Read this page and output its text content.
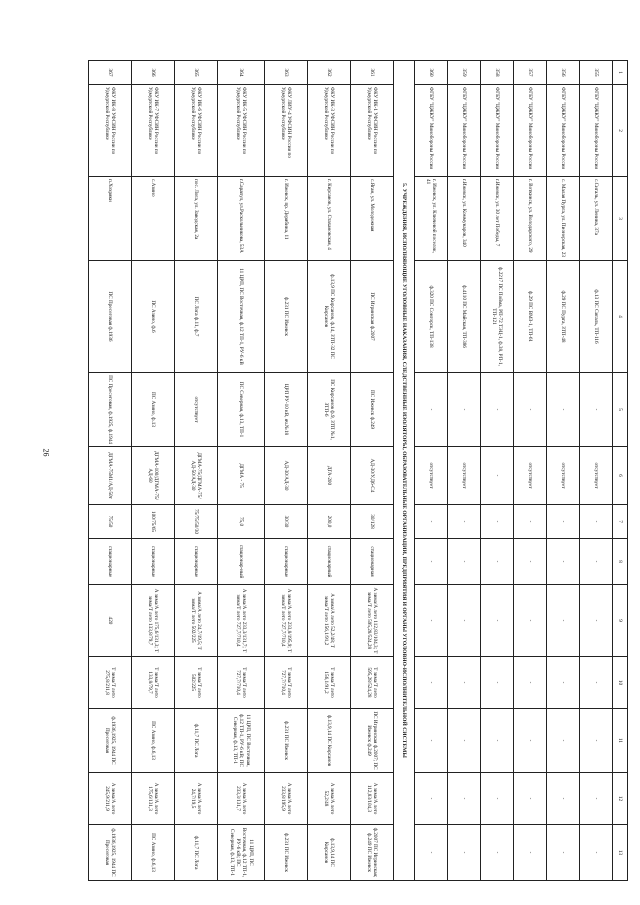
26
1	2	3	4	5	6	7	8	9	10	11	12	13
355	ФГБУ "ЦЖКУ" Минобороны России	с.Сигаль, ул. Ленина, 37а	ф.13 ПС Сигаль, ТП-116	-	отсутствует	-	-	-	-	-	-	-
356	ФГБУ "ЦЖКУ" Минобороны России	с. Малая Пурга, ул. Пионерская, 23	ф.29 ПС Пурга, ЗТП-48	-	отсутствует	-	-	-	-	-	-	-
357	ФГБУ "ЦЖКУ" Минобороны России	г. Воткинск, ул. Володарского, 29	ф.29 ПС ВМЗ-1, ТП-61	-	отсутствует	-	-	-	-	-	-	-
358	ФГБУ "ЦЖКУ" Минобороны России	г.Ижевск, ул. 30 лет Победы, 7	ф.2217 ПС Пойма, РП-72 ТЭЦ-1, ф.38, РП-1, ТП-121	-	-	-	-	-	-	-	-	-
359	ФГБУ "ЦЖКУ" Минобороны России	г.Ижевск, ул. Коммунаров, 340	ф.4110 ПС Майская, ТП-386	-	отсутствует	-	-	-	-	-	-	-
360	ФГБУ "ЦЖКУ" Минобороны России	г. Ижевск, ул. Ключевой поселок, 41	ф.320 ПС Сонгорск, ТП-138	-	отсутствует	-	-	-	-	-	-	-
5. УЧРЕЖДЕНИЯ, ИСПОЛНЯЮЩИЕ УГОЛОВНЫЕ НАКАЗАНИЯ, СЛЕДСТВЕННЫЕ ИЗОЛЯТОРЫ, ОБРАЗОВАТЕЛЬНЫЕ ОРГАНИЗАЦИИ, ПРЕДПРИЯТИЯ И ОРГАНЫ УГОЛОВНО-ИСПОЛНИТЕЛЬНОЙ СИСТЕМЫ												
361	ФКУ ИК-1 УФСИН России по Удмуртской Республике	с.Яган, ул. Молодежная	ПС Игринская ф.2007	ПС Ижевск ф.249	АД-30/У.Д6-С4	30/128	стационарная	А зима/А лето 112,83/104,3; Т зима/Т лето 595,28/524,28	Т зима/Т лето 595,28/524,28	ПС Игринская ф.2007; ПС Ижевск ф.249	А зима/А лето 112,83/104,3	ф.2007 ПС Игринская; ф.249 ПС Ижевск
362	ФКУ ИК-3 УФСИН России по Удмуртской Республике	г. Кирсанов, ул. Стахановская, 4	ф.13,9 ПС Кирсанов, ф.14, ЗТП-32 ПС Кирсанов	ПС Кирсанов ф.9, ЗТП №1, ЗТП-6	ДГА-200	200,0	стационарный	А зима/А лето 52,2/48; Т зима/Т лето 156,1/91,2	Т зима/Т лето 156,1/91,2	ф.13,9,14 ПС Кирсанов	А зима/А лето 52,2/48	ф.13,9,14 ПС Кирсанов
363	ФКУ ЛИУ-4 УФСИН России по Удмуртской Республике	г. Ижевск, пр. Дерябина, 11	ф.231 ПС Ижевск	ЦРП РУ-10 кВ, яч.№18	АД-30/АД-30	30/30	стационарные	А зима/А лето 233,8/195,9; Т зима/Т лето 727,7/710,4	Т зима/Т лето 727,7/710,4	ф.231 ПС Ижевск	А зима/А лето 233,8/195,9	ф.231 ПС Ижевск
364	ФКУ ИК-5 УФСИН России по Удмуртской Республике	г.Сарапул, ул.Раскольникова, 53А	11 ЦРП, ПС Восточная, ф.12 ТП-1, РУ-6 кВ	ПС Северная, ф.13, ТП-1	ДГМА - 75	75,0	стационар-ный	А зима/А лето 233,3/131,7; Т зима/Т лето 727,7/710,4	Т зима/Т лето 727,7/710,4	11 ЦРП, ПС Восточная, ф.12 ТП-1, РУ-6 кВ; ПС Северная, ф.13, ТП-1	А зима/А лето 233,3/131,7	11 ЦРП, ПС Восточная, ф.12 ТП-1, РУ-6 кВ; ПС Северная, ф.13, ТП-1
365	ФКУ ИК-6 УФСИН России по Удмуртской Республике	пос. Лога, ул. Заводская, 2а	ПС Лога ф.11, ф.7	отсутствует	ДГМА-75/ДГМА-75/АД-50/АД-30	75/75/50/30	стационарные	А зима/А лето 24,7/19,5; Т зима/Т лето 502/225	Т зима/Т лето 502/225	ф.11,7 ПС Лога	А зима/А лето 24,7/19,5	ф.11,7 ПС Лога
366	ФКУ ИК-7 УФСИН России по Удмуртской Республике	с.Азино	ПС Азино, ф.6	ПС Азино, ф.13	ДГМА-100/ДГМА-75/АД-60	100/75/65	стационарные	А зима/А лето 175,6/131,3; Т зима/Т лето 133,8/79,7	Т зима/Т лето 133,8/79,7	ПС Азино, ф.6,13	А зима/А лето 175,6/131,3	ПС Азино, ф.6,13
367	ФКУ ИК-8 УФСИН России по Удмуртской Республике	п.Хохряки	ПС Пресеговая ф.1936	ПС Пресеговая, ф.1925, ф.1944	ДГМА-75М1/АД-50т	75/50	стационарные	420	Т зима/Т лето 275,8/211,8	ф.1936,1925, 1944 ПС Пресеговая	А зима/А лето 245,9/211,9	ф.1936,1925, 1944 ПС Пресеговая
